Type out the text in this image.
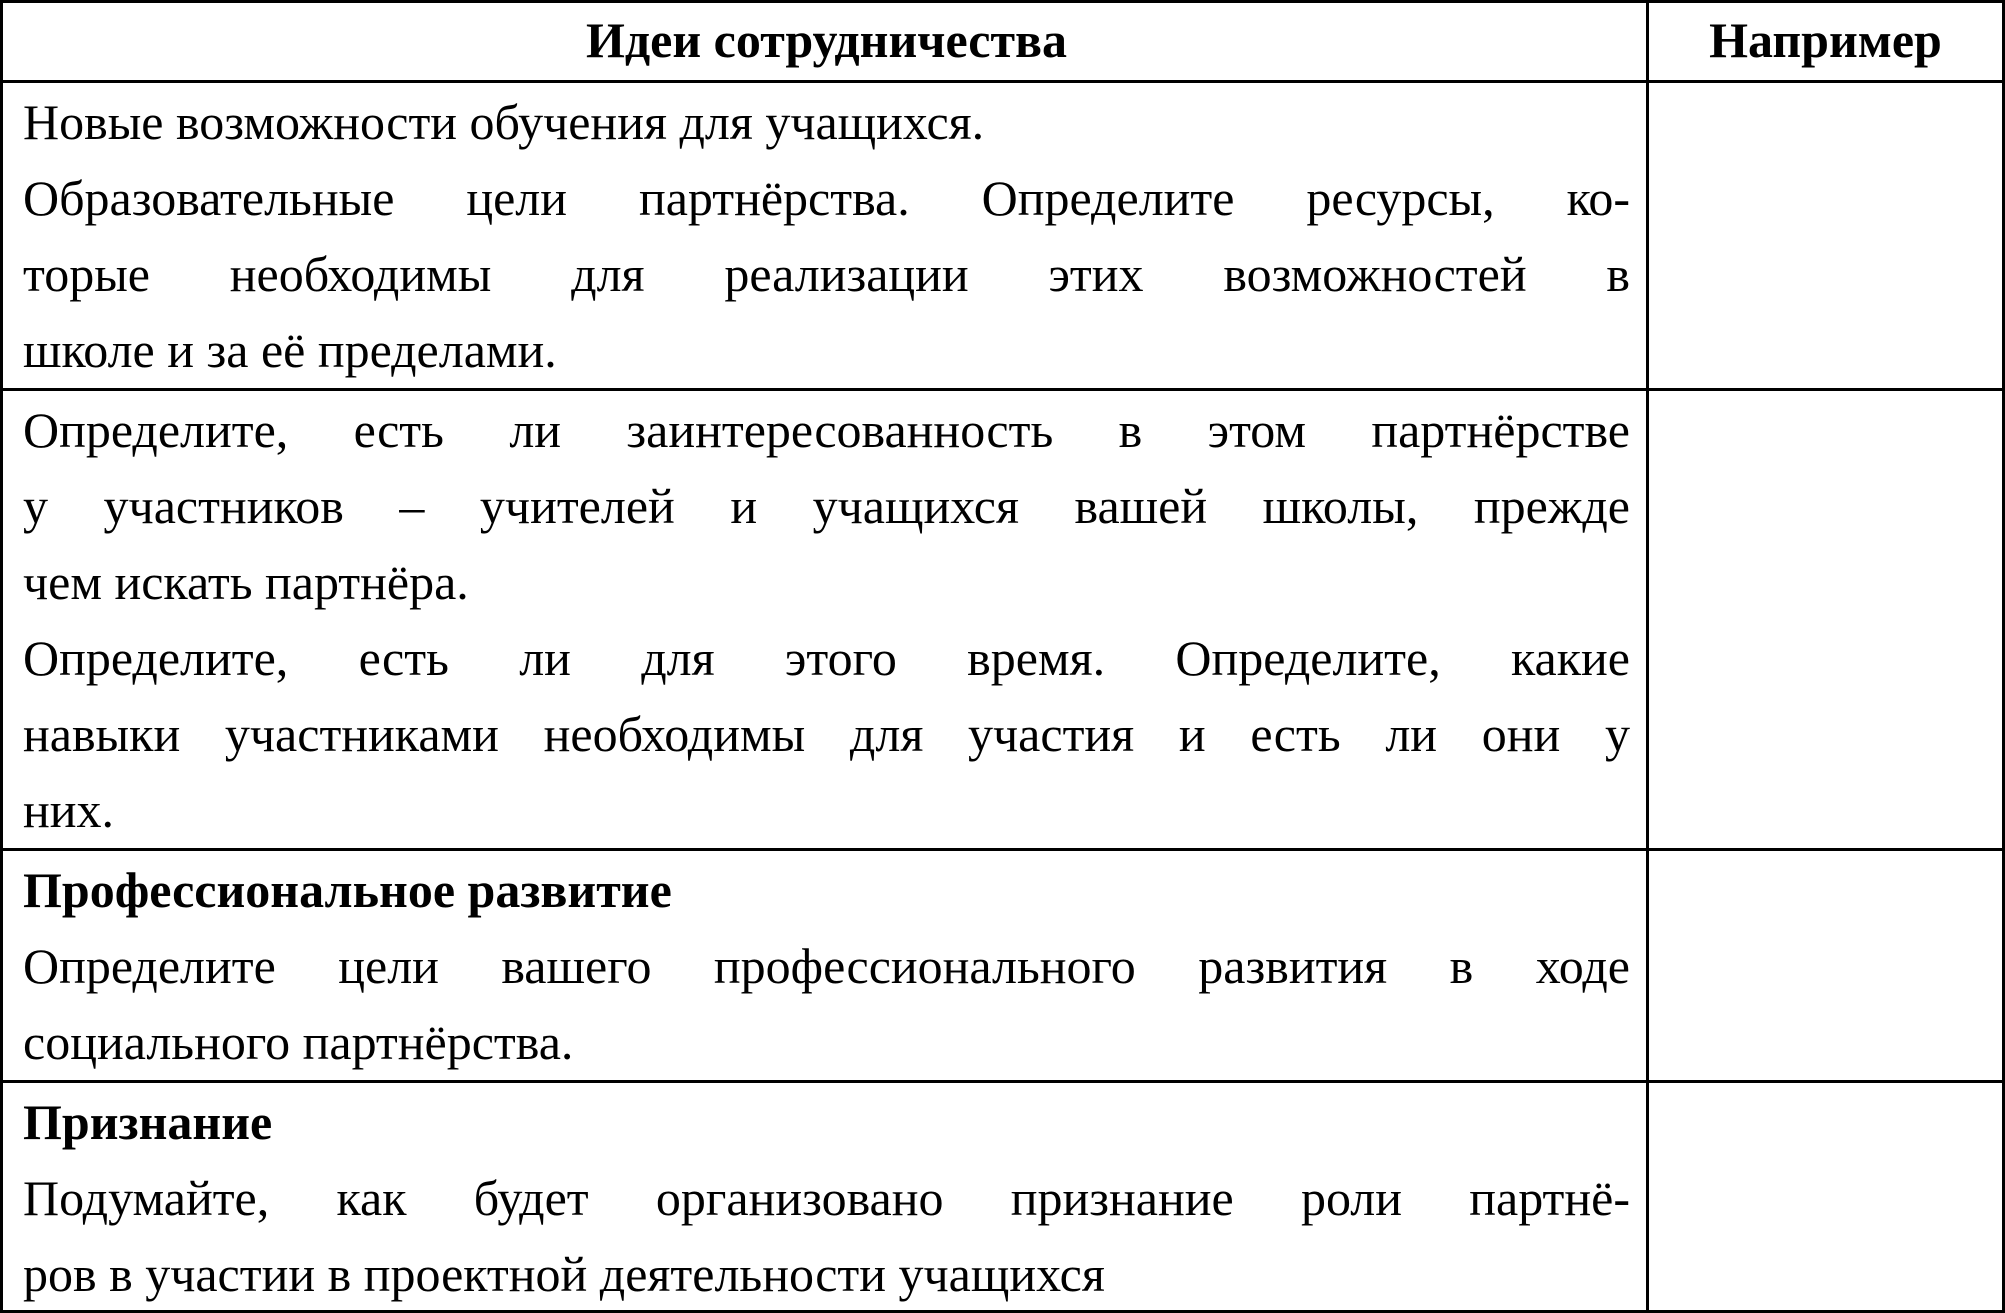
Идеи сотрудничества	Например
Новые возможности обучения для учащихся.
Образовательные цели партнёрства. Определите ресурсы, ко-
торые необходимы для реализации этих возможностей в
школе и за её пределами.
Определите, есть ли заинтересованность в этом партнёрстве
у участников – учителей и учащихся вашей школы, прежде
чем искать партнёра.
Определите, есть ли для этого время. Определите, какие
навыки участниками необходимы для участия и есть ли они у
них.
Профессиональное развитие
Определите цели вашего профессионального развития в ходе
социального партнёрства.
Признание
Подумайте, как будет организовано признание роли партнё-
ров в участии в проектной деятельности учащихся
